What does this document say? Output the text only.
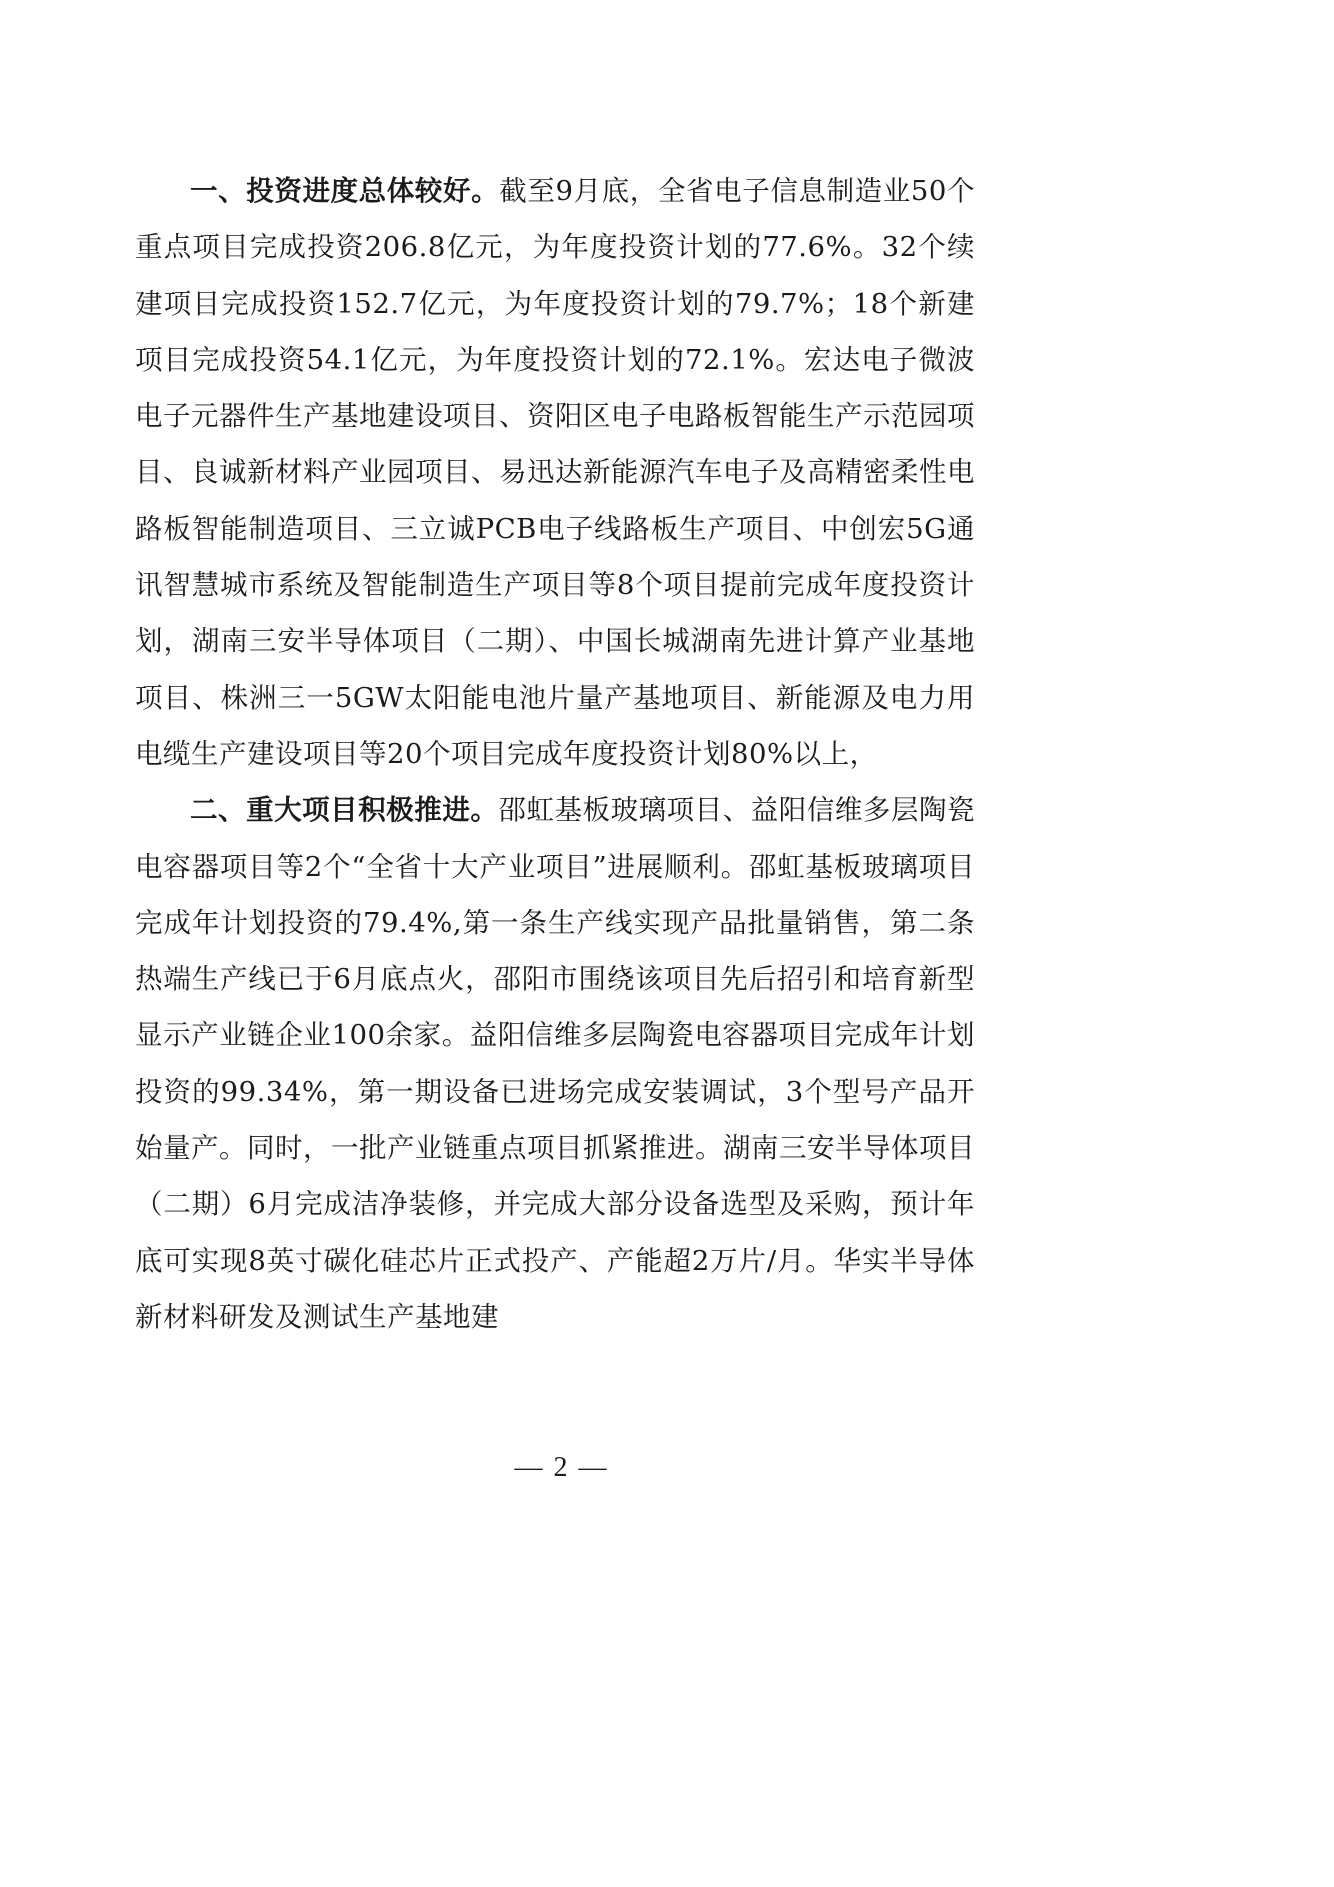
一、投资进度总体较好。截至9月底，全省电子信息制造业50个重点项目完成投资206.8亿元，为年度投资计划的77.6%。32个续建项目完成投资152.7亿元，为年度投资计划的79.7%；18个新建项目完成投资54.1亿元，为年度投资计划的72.1%。宏达电子微波电子元器件生产基地建设项目、资阳区电子电路板智能生产示范园项目、良诚新材料产业园项目、易迅达新能源汽车电子及高精密柔性电路板智能制造项目、三立诚PCB电子线路板生产项目、中创宏5G通讯智慧城市系统及智能制造生产项目等8个项目提前完成年度投资计划，湖南三安半导体项目（二期）、中国长城湖南先进计算产业基地项目、株洲三一5GW太阳能电池片量产基地项目、新能源及电力用电缆生产建设项目等20个项目完成年度投资计划80%以上，

二、重大项目积极推进。邵虹基板玻璃项目、益阳信维多层陶瓷电容器项目等2个“全省十大产业项目”进展顺利。邵虹基板玻璃项目完成年计划投资的79.4%,第一条生产线实现产品批量销售，第二条热端生产线已于6月底点火，邵阳市围绕该项目先后招引和培育新型显示产业链企业100余家。益阳信维多层陶瓷电容器项目完成年计划投资的99.34%，第一期设备已进场完成安装调试，3个型号产品开始量产。同时，一批产业链重点项目抓紧推进。湖南三安半导体项目（二期）6月完成洁净装修，并完成大部分设备选型及采购，预计年底可实现8英寸碳化硅芯片正式投产、产能超2万片/月。华实半导体新材料研发及测试生产基地建

— 2 —
